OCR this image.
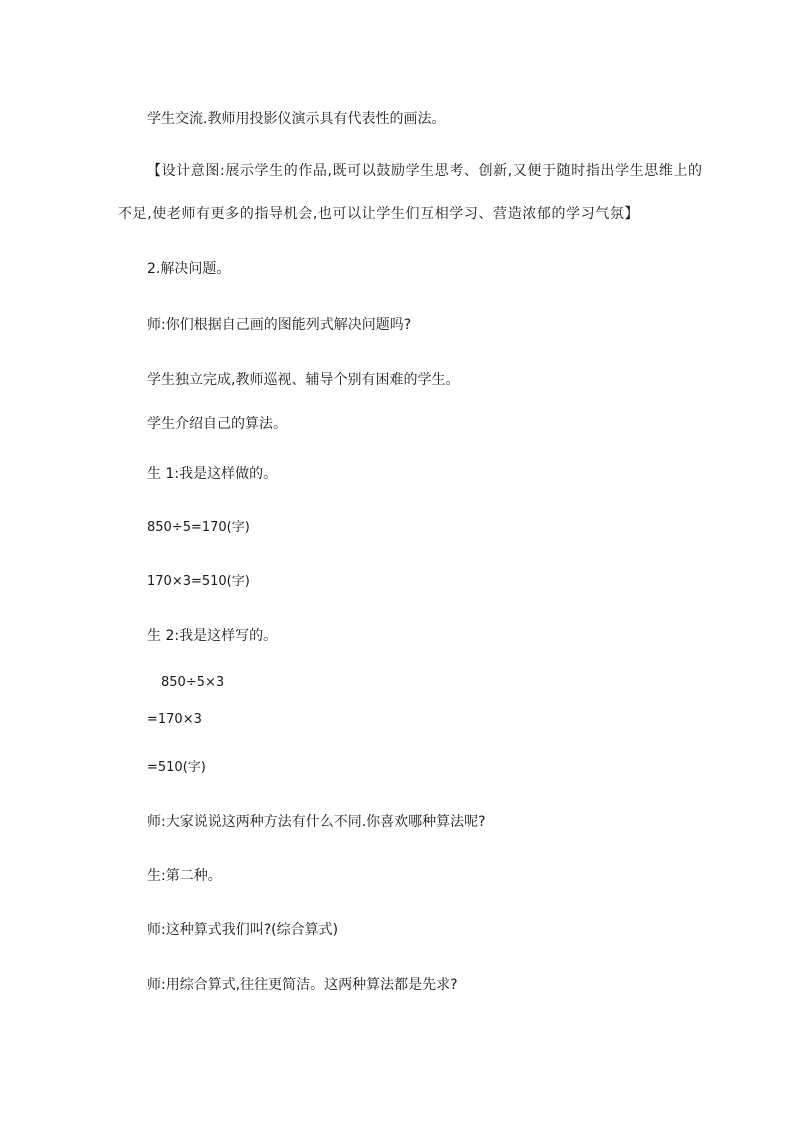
学生交流.教师用投影仪演示具有代表性的画法。
【设计意图:展示学生的作品,既可以鼓励学生思考、创新,又便于随时指出学生思维上的
不足,使老师有更多的指导机会,也可以让学生们互相学习、营造浓郁的学习气氛】
2.解决问题。
师:你们根据自己画的图能列式解决问题吗?
学生独立完成,教师巡视、辅导个别有困难的学生。
学生介绍自己的算法。
生 1:我是这样做的。
850÷5=170(字)
170×3=510(字)
生 2:我是这样写的。
850÷5×3
=170×3
=510(字)
师:大家说说这两种方法有什么不同.你喜欢哪种算法呢?
生:第二种。
师:这种算式我们叫?(综合算式)
师:用综合算式,往往更简洁。这两种算法都是先求?
